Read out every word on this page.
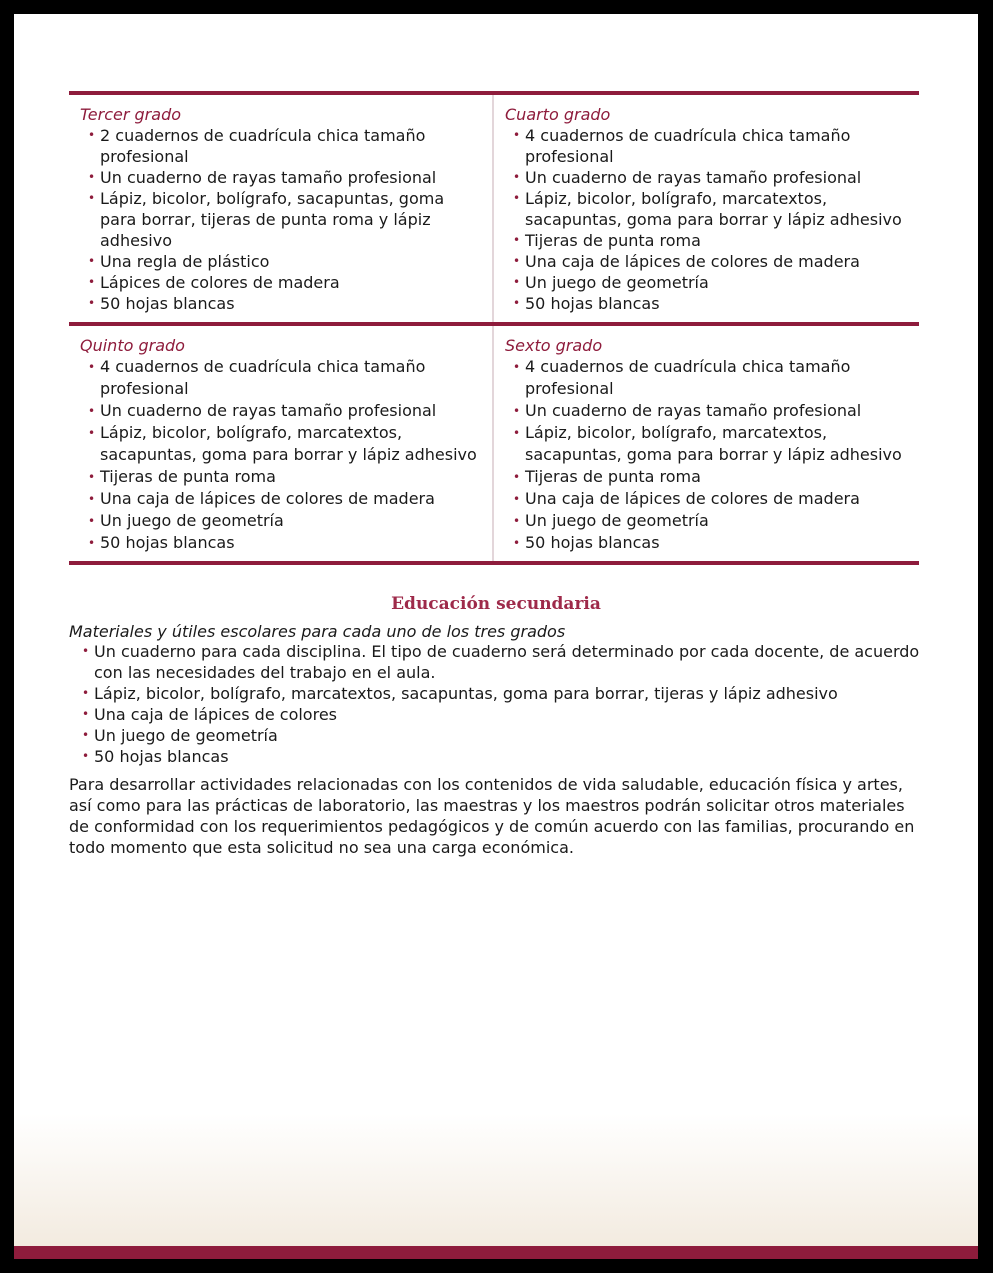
Tercer grado
• 2 cuadernos de cuadrícula chica tamaño profesional
• Un cuaderno de rayas tamaño profesional
• Lápiz, bicolor, bolígrafo, sacapuntas, goma para borrar, tijeras de punta roma y lápiz adhesivo
• Una regla de plástico
• Lápices de colores de madera
• 50 hojas blancas
Cuarto grado
• 4 cuadernos de cuadrícula chica tamaño profesional
• Un cuaderno de rayas tamaño profesional
• Lápiz, bicolor, bolígrafo, marcatextos, sacapuntas, goma para borrar y lápiz adhesivo
• Tijeras de punta roma
• Una caja de lápices de colores de madera
• Un juego de geometría
• 50 hojas blancas
Quinto grado
• 4 cuadernos de cuadrícula chica tamaño profesional
• Un cuaderno de rayas tamaño profesional
• Lápiz, bicolor, bolígrafo, marcatextos, sacapuntas, goma para borrar y lápiz adhesivo
• Tijeras de punta roma
• Una caja de lápices de colores de madera
• Un juego de geometría
• 50 hojas blancas
Sexto grado
• 4 cuadernos de cuadrícula chica tamaño profesional
• Un cuaderno de rayas tamaño profesional
• Lápiz, bicolor, bolígrafo, marcatextos, sacapuntas, goma para borrar y lápiz adhesivo
• Tijeras de punta roma
• Una caja de lápices de colores de madera
• Un juego de geometría
• 50 hojas blancas
Educación secundaria
Materiales y útiles escolares para cada uno de los tres grados
• Un cuaderno para cada disciplina. El tipo de cuaderno será determinado por cada docente, de acuerdo con las necesidades del trabajo en el aula.
• Lápiz, bicolor, bolígrafo, marcatextos, sacapuntas, goma para borrar, tijeras y lápiz adhesivo
• Una caja de lápices de colores
• Un juego de geometría
• 50 hojas blancas
Para desarrollar actividades relacionadas con los contenidos de vida saludable, educación física y artes, así como para las prácticas de laboratorio, las maestras y los maestros podrán solicitar otros materiales de conformidad con los requerimientos pedagógicos y de común acuerdo con las familias, procurando en todo momento que esta solicitud no sea una carga económica.
